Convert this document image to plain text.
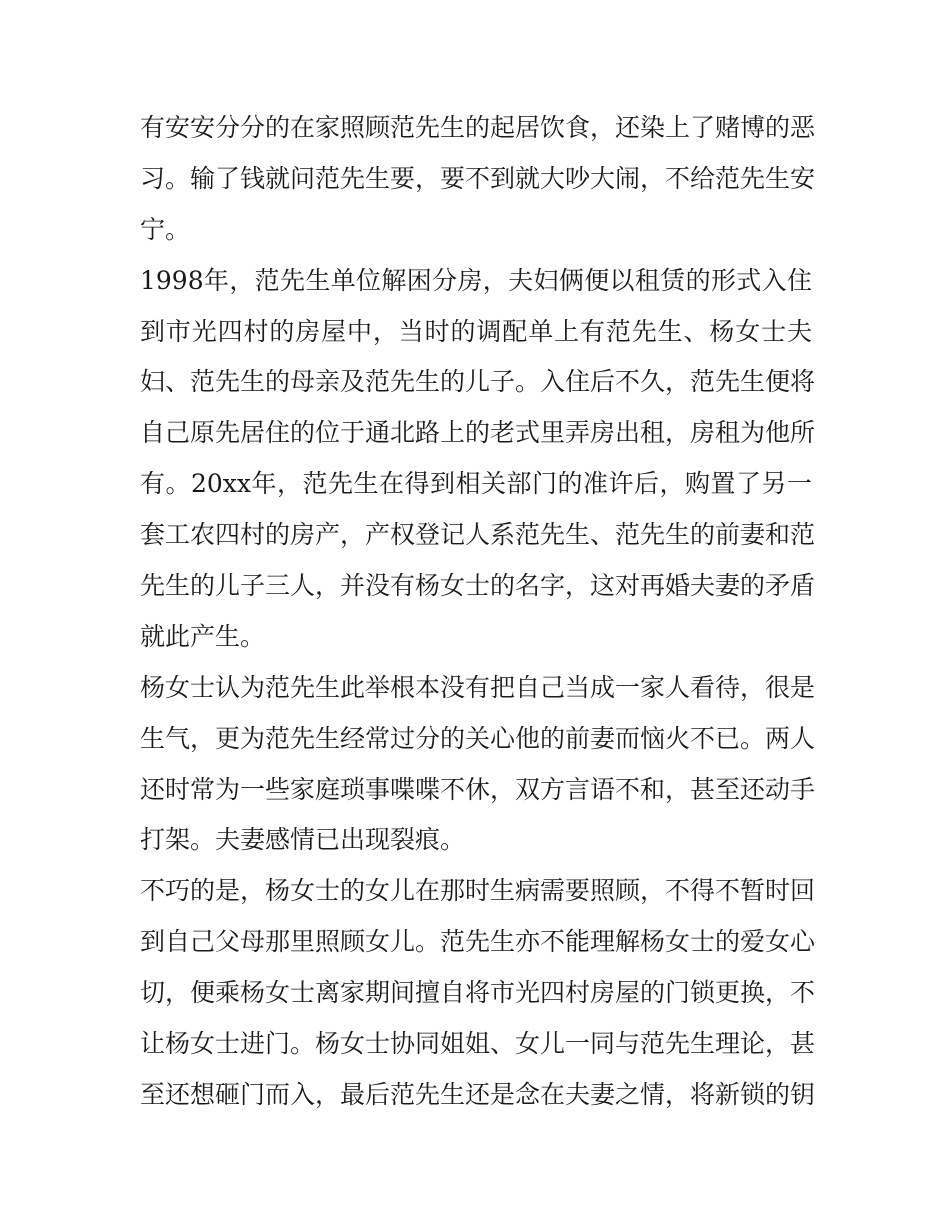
有安安分分的在家照顾范先生的起居饮食，还染上了赌博的恶
习。输了钱就问范先生要，要不到就大吵大闹，不给范先生安
宁。
1998年，范先生单位解困分房，夫妇俩便以租赁的形式入住
到市光四村的房屋中，当时的调配单上有范先生、杨女士夫
妇、范先生的母亲及范先生的儿子。入住后不久，范先生便将
自己原先居住的位于通北路上的老式里弄房出租，房租为他所
有。20xx年，范先生在得到相关部门的准许后，购置了另一
套工农四村的房产，产权登记人系范先生、范先生的前妻和范
先生的儿子三人，并没有杨女士的名字，这对再婚夫妻的矛盾
就此产生。
杨女士认为范先生此举根本没有把自己当成一家人看待，很是
生气，更为范先生经常过分的关心他的前妻而恼火不已。两人
还时常为一些家庭琐事喋喋不休，双方言语不和，甚至还动手
打架。夫妻感情已出现裂痕。
不巧的是，杨女士的女儿在那时生病需要照顾，不得不暂时回
到自己父母那里照顾女儿。范先生亦不能理解杨女士的爱女心
切，便乘杨女士离家期间擅自将市光四村房屋的门锁更换，不
让杨女士进门。杨女士协同姐姐、女儿一同与范先生理论，甚
至还想砸门而入，最后范先生还是念在夫妻之情，将新锁的钥
